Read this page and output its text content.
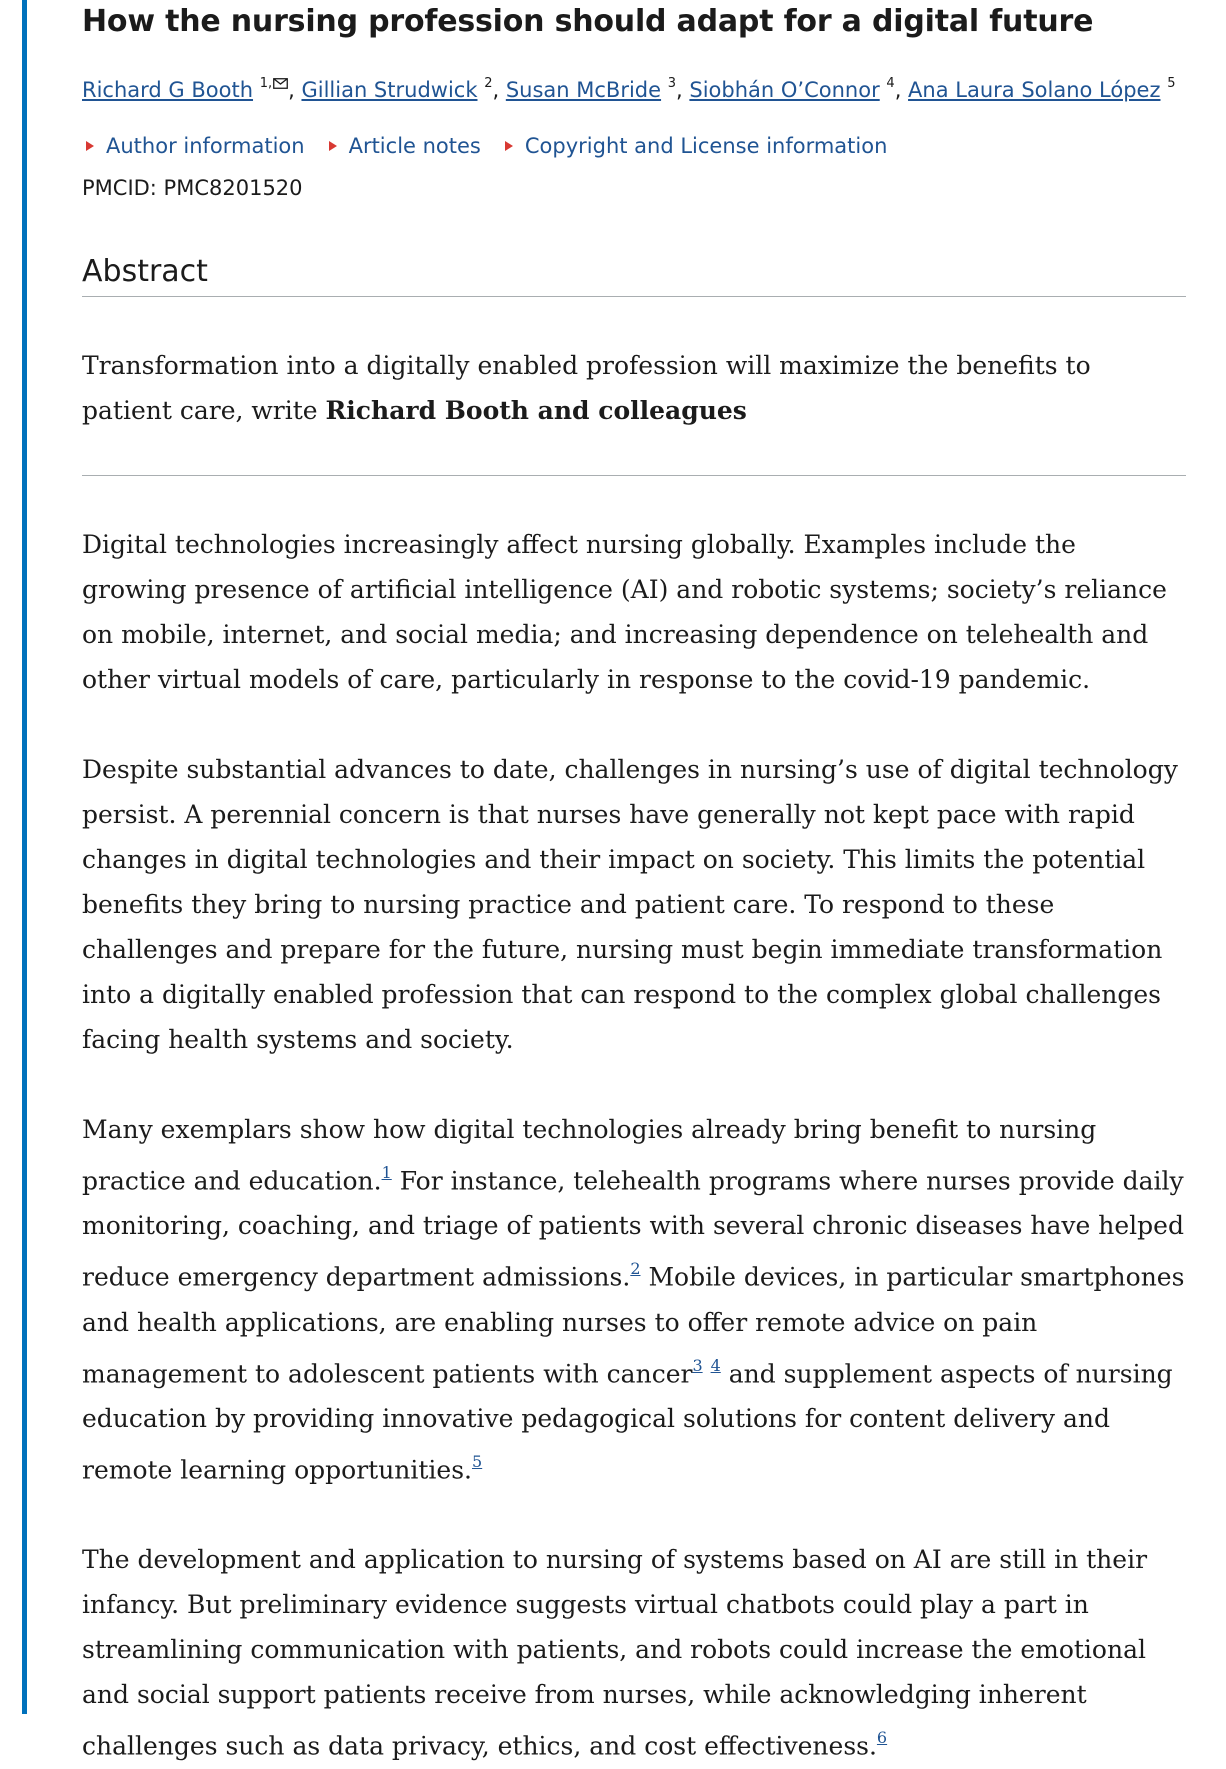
How the nursing profession should adapt for a digital future
Richard G Booth $^{1,}$ , Gillian Strudwick $^2$, Susan McBride $^3$, Siobhán O’Connor $^4$, Ana Laura Solano López $^5$
Author information Article notes Copyright and License information
PMCID: PMC8201520
Abstract
Transformation into a digitally enabled profession will maximize the benefits to patient care, write Richard Booth and colleagues

Digital technologies increasingly affect nursing globally. Examples include the growing presence of artificial intelligence (AI) and robotic systems; society’s reliance on mobile, internet, and social media; and increasing dependence on telehealth and other virtual models of care, particularly in response to the covid-19 pandemic.

Despite substantial advances to date, challenges in nursing’s use of digital technology persist. A perennial concern is that nurses have generally not kept pace with rapid changes in digital technologies and their impact on society. This limits the potential benefits they bring to nursing practice and patient care. To respond to these challenges and prepare for the future, nursing must begin immediate transformation into a digitally enabled profession that can respond to the complex global challenges facing health systems and society.

Many exemplars show how digital technologies already bring benefit to nursing practice and education.$^1$ For instance, telehealth programs where nurses provide daily monitoring, coaching, and triage of patients with several chronic diseases have helped reduce emergency department admissions.$^2$ Mobile devices, in particular smartphones and health applications, are enabling nurses to offer remote advice on pain management to adolescent patients with cancer$^3$ $^4$ and supplement aspects of nursing education by providing innovative pedagogical solutions for content delivery and remote learning opportunities.$^5$

The development and application to nursing of systems based on AI are still in their infancy. But preliminary evidence suggests virtual chatbots could play a part in streamlining communication with patients, and robots could increase the emotional and social support patients receive from nurses, while acknowledging inherent challenges such as data privacy, ethics, and cost effectiveness.$^6$
